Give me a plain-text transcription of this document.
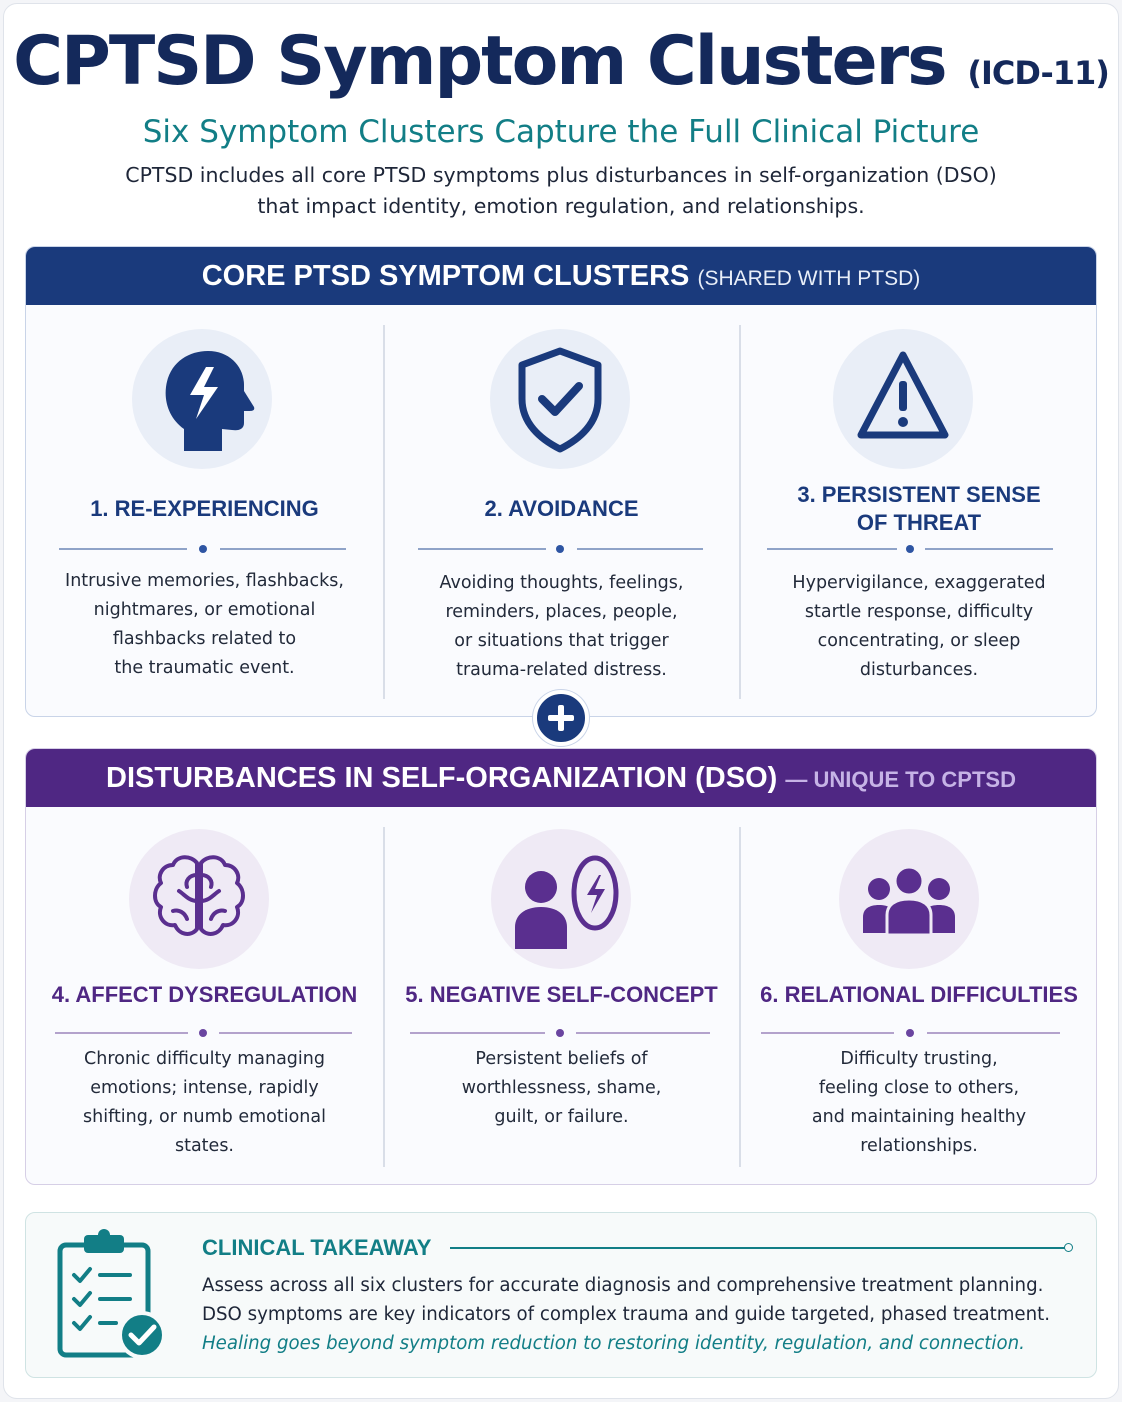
CPTSD Symptom Clusters (ICD-11)
Six Symptom Clusters Capture the Full Clinical Picture
CPTSD includes all core PTSD symptoms plus disturbances in self-organization (DSO)
that impact identity, emotion regulation, and relationships.
CORE PTSD SYMPTOM CLUSTERS (SHARED WITH PTSD)
1. RE-EXPERIENCING
Intrusive memories, flashbacks,
nightmares, or emotional
flashbacks related to
the traumatic event.
2. AVOIDANCE
Avoiding thoughts, feelings,
reminders, places, people,
or situations that trigger
trauma-related distress.
3. PERSISTENT SENSE
OF THREAT
Hypervigilance, exaggerated
startle response, difficulty
concentrating, or sleep
disturbances.
DISTURBANCES IN SELF-ORGANIZATION (DSO) — UNIQUE TO CPTSD
4. AFFECT DYSREGULATION
Chronic difficulty managing
emotions; intense, rapidly
shifting, or numb emotional
states.
5. NEGATIVE SELF-CONCEPT
Persistent beliefs of
worthlessness, shame,
guilt, or failure.
6. RELATIONAL DIFFICULTIES
Difficulty trusting,
feeling close to others,
and maintaining healthy
relationships.
CLINICAL TAKEAWAY
Assess across all six clusters for accurate diagnosis and comprehensive treatment planning.
DSO symptoms are key indicators of complex trauma and guide targeted, phased treatment.
Healing goes beyond symptom reduction to restoring identity, regulation, and connection.
